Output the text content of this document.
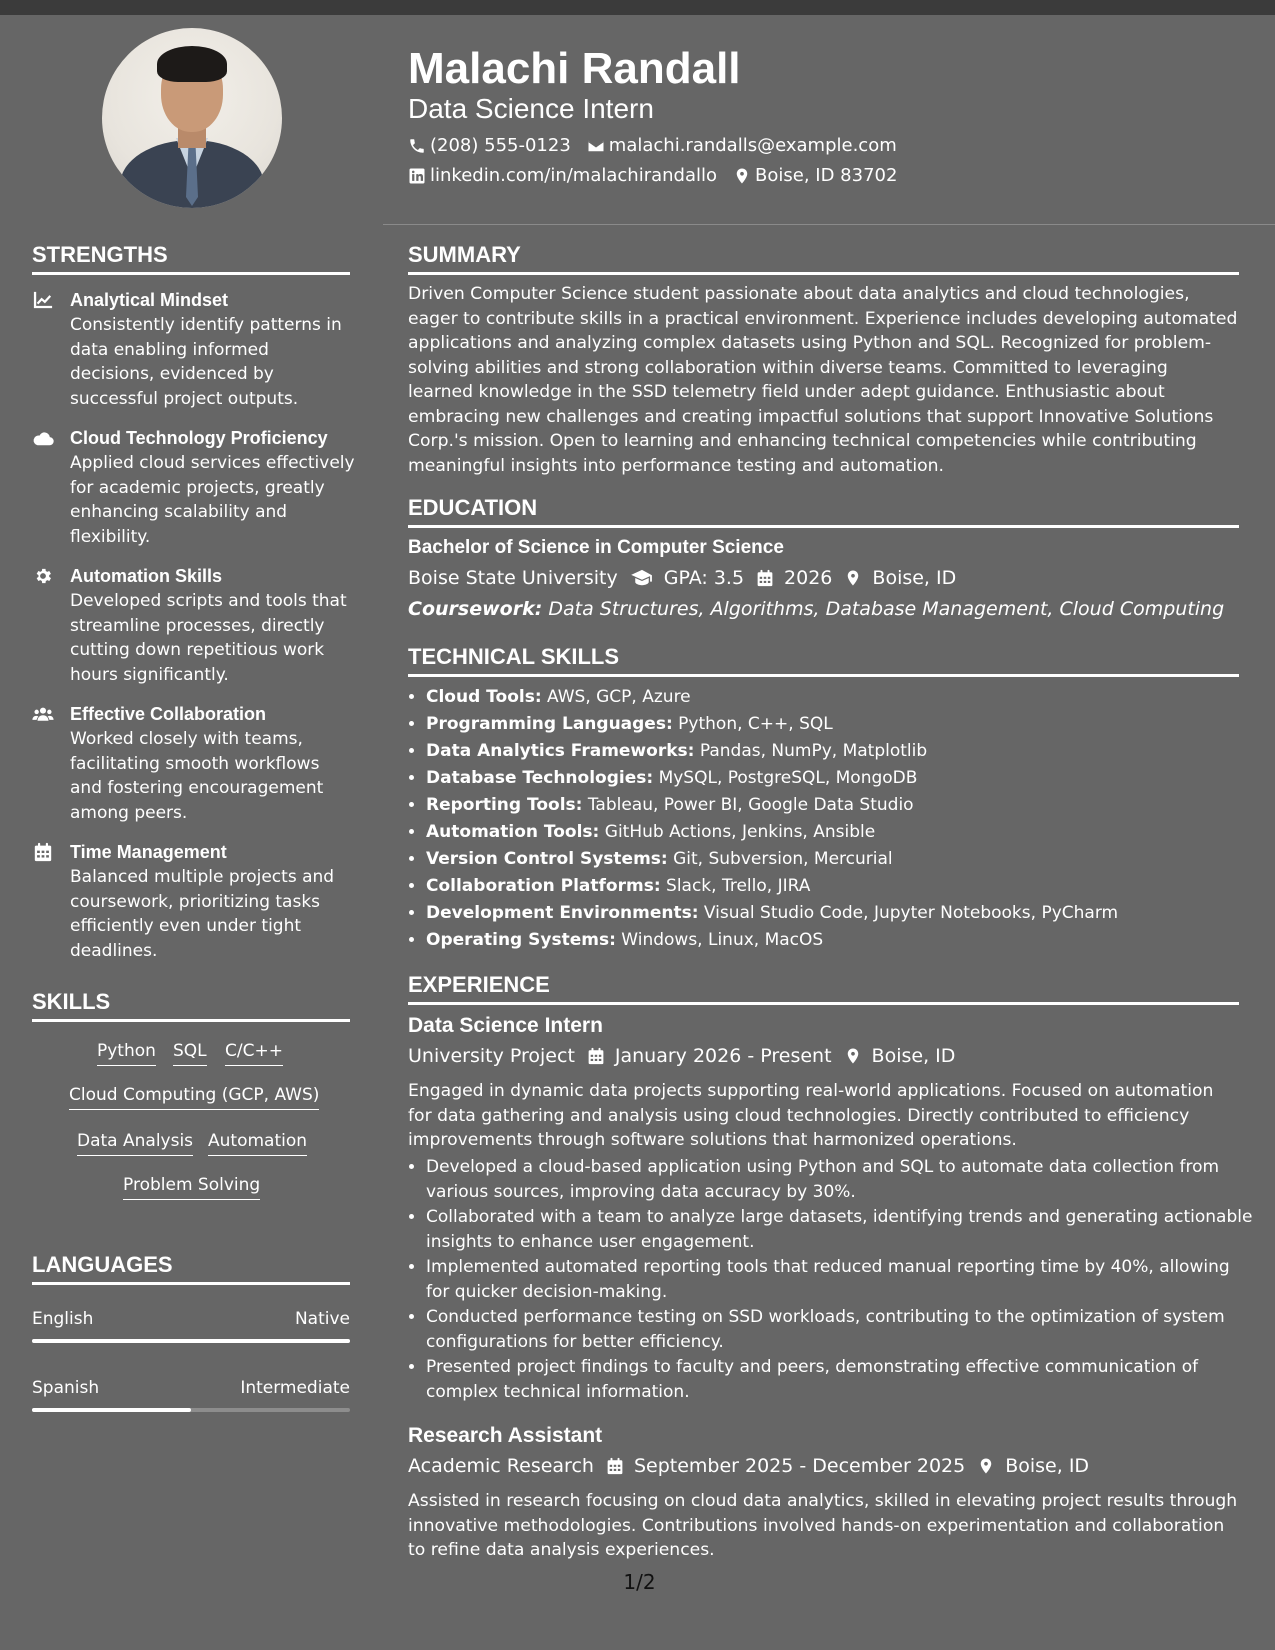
Malachi Randall
Data Science Intern
(208) 555-0123 malachi.randalls@example.com
linkedin.com/in/malachirandallo Boise, ID 83702
STRENGTHS
Analytical Mindset
Consistently identify patterns in data enabling informed decisions, evidenced by successful project outputs.
Cloud Technology Proficiency
Applied cloud services effectively for academic projects, greatly enhancing scalability and flexibility.
Automation Skills
Developed scripts and tools that streamline processes, directly cutting down repetitious work hours significantly.
Effective Collaboration
Worked closely with teams, facilitating smooth workflows and fostering encouragement among peers.
Time Management
Balanced multiple projects and coursework, prioritizing tasks efficiently even under tight deadlines.
SKILLS
Python SQL C/C++
Cloud Computing (GCP, AWS)
Data Analysis Automation
Problem Solving
LANGUAGES
English	Native
Spanish	Intermediate
SUMMARY
Driven Computer Science student passionate about data analytics and cloud technologies, eager to contribute skills in a practical environment. Experience includes developing automated applications and analyzing complex datasets using Python and SQL. Recognized for problem-solving abilities and strong collaboration within diverse teams. Committed to leveraging learned knowledge in the SSD telemetry field under adept guidance. Enthusiastic about embracing new challenges and creating impactful solutions that support Innovative Solutions Corp.'s mission. Open to learning and enhancing technical competencies while contributing meaningful insights into performance testing and automation.
EDUCATION
Bachelor of Science in Computer Science
Boise State University GPA: 3.5 2026 Boise, ID
Coursework: Data Structures, Algorithms, Database Management, Cloud Computing
TECHNICAL SKILLS
• Cloud Tools: AWS, GCP, Azure
• Programming Languages: Python, C++, SQL
• Data Analytics Frameworks: Pandas, NumPy, Matplotlib
• Database Technologies: MySQL, PostgreSQL, MongoDB
• Reporting Tools: Tableau, Power BI, Google Data Studio
• Automation Tools: GitHub Actions, Jenkins, Ansible
• Version Control Systems: Git, Subversion, Mercurial
• Collaboration Platforms: Slack, Trello, JIRA
• Development Environments: Visual Studio Code, Jupyter Notebooks, PyCharm
• Operating Systems: Windows, Linux, MacOS
EXPERIENCE
Data Science Intern
University Project January 2026 - Present Boise, ID
Engaged in dynamic data projects supporting real-world applications. Focused on automation for data gathering and analysis using cloud technologies. Directly contributed to efficiency improvements through software solutions that harmonized operations.
• Developed a cloud-based application using Python and SQL to automate data collection from various sources, improving data accuracy by 30%.
• Collaborated with a team to analyze large datasets, identifying trends and generating actionable insights to enhance user engagement.
• Implemented automated reporting tools that reduced manual reporting time by 40%, allowing for quicker decision-making.
• Conducted performance testing on SSD workloads, contributing to the optimization of system configurations for better efficiency.
• Presented project findings to faculty and peers, demonstrating effective communication of complex technical information.
Research Assistant
Academic Research September 2025 - December 2025 Boise, ID
Assisted in research focusing on cloud data analytics, skilled in elevating project results through innovative methodologies. Contributions involved hands-on experimentation and collaboration to refine data analysis experiences.
1/2
